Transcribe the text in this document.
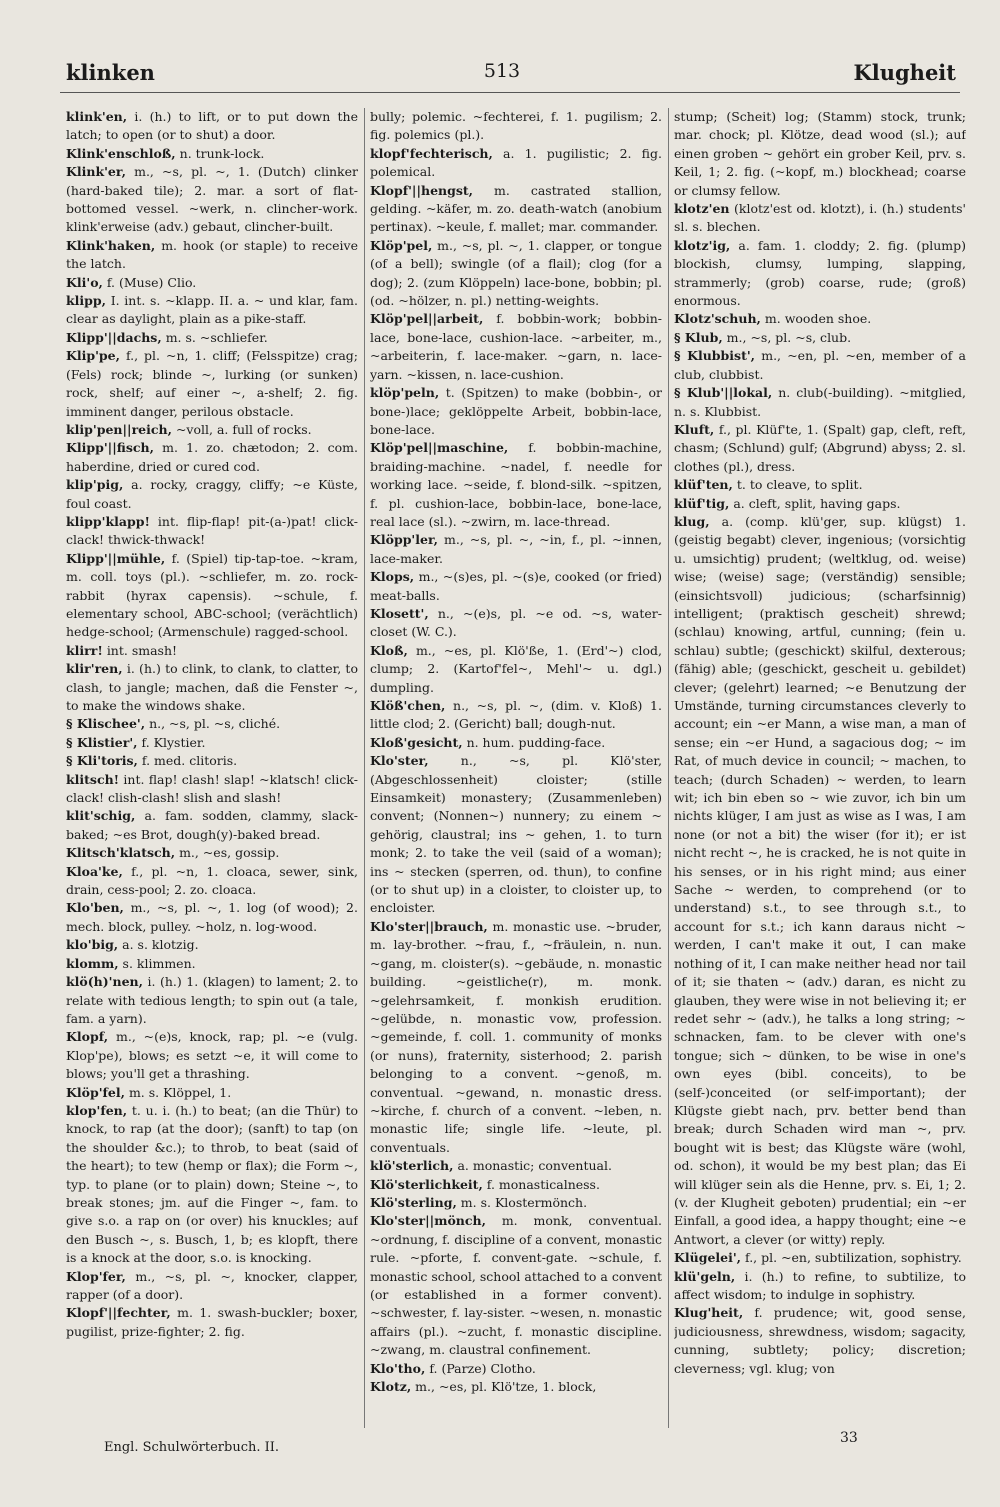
klinken	513	Klugheit

klink'en, i. (h.) to lift, or to put down the latch; to open (or to shut) a door.

Klink'enschloß, n. trunk-lock.

Klink'er, m., ~s, pl. ~, 1. (Dutch) clinker (hard-baked tile); 2. mar. a sort of flat-bottomed vessel. ~werk, n. clincher-work. klink'erweise (adv.) gebaut, clincher-built.

Klink'haken, m. hook (or staple) to receive the latch.

Kli'o, f. (Muse) Clio.

klipp, I. int. s. ~klapp. II. a. ~ und klar, fam. clear as daylight, plain as a pike-staff.

Klipp'||dachs, m. s. ~schliefer.

Klip'pe, f., pl. ~n, 1. cliff; (Felsspitze) crag; (Fels) rock; blinde ~, lurking (or sunken) rock, shelf; auf einer ~, a-shelf; 2. fig. imminent danger, perilous obstacle.

klip'pen||reich, ~voll, a. full of rocks.

Klipp'||fisch, m. 1. zo. chætodon; 2. com. haberdine, dried or cured cod.

klip'pig, a. rocky, craggy, cliffy; ~e Küste, foul coast.

klipp'klapp! int. flip-flap! pit-(a-)pat! click-clack! thwick-thwack!

Klipp'||mühle, f. (Spiel) tip-tap-toe. ~kram, m. coll. toys (pl.). ~schliefer, m. zo. rock-rabbit (hyrax capensis). ~schule, f. elementary school, ABC-school; (verächtlich) hedge-school; (Armenschule) ragged-school.

klirr! int. smash!

klir'ren, i. (h.) to clink, to clank, to clatter, to clash, to jangle; machen, daß die Fenster ~, to make the windows shake.

§ Klischee', n., ~s, pl. ~s, cliché.

§ Klistier', f. Klystier.

§ Kli'toris, f. med. clitoris.

klitsch! int. flap! clash! slap! ~klatsch! click-clack! clish-clash! slish and slash!

klit'schig, a. fam. sodden, clammy, slack-baked; ~es Brot, dough(y)-baked bread.

Klitsch'klatsch, m., ~es, gossip.

Kloa'ke, f., pl. ~n, 1. cloaca, sewer, sink, drain, cess-pool; 2. zo. cloaca.

Klo'ben, m., ~s, pl. ~, 1. log (of wood); 2. mech. block, pulley. ~holz, n. log-wood.

klo'big, a. s. klotzig.

klomm, s. klimmen.

klö(h)'nen, i. (h.) 1. (klagen) to lament; 2. to relate with tedious length; to spin out (a tale, fam. a yarn).

Klopf, m., ~(e)s, knock, rap; pl. ~e (vulg. Klop'pe), blows; es setzt ~e, it will come to blows; you'll get a thrashing.

Klöp'fel, m. s. Klöppel, 1.

klop'fen, t. u. i. (h.) to beat; (an die Thür) to knock, to rap (at the door); (sanft) to tap (on the shoulder &c.); to throb, to beat (said of the heart); to tew (hemp or flax); die Form ~, typ. to plane (or to plain) down; Steine ~, to break stones; jm. auf die Finger ~, fam. to give s.o. a rap on (or over) his knuckles; auf den Busch ~, s. Busch, 1, b; es klopft, there is a knock at the door, s.o. is knocking.

Klop'fer, m., ~s, pl. ~, knocker, clapper, rapper (of a door).

Klopf'||fechter, m. 1. swash-buckler; boxer, pugilist, prize-fighter; 2. fig.

bully; polemic. ~fechterei, f. 1. pugilism; 2. fig. polemics (pl.).

klopf'fechterisch, a. 1. pugilistic; 2. fig. polemical.

Klopf'||hengst, m. castrated stallion, gelding. ~käfer, m. zo. death-watch (anobium pertinax). ~keule, f. mallet; mar. commander.

Klöp'pel, m., ~s, pl. ~, 1. clapper, or tongue (of a bell); swingle (of a flail); clog (for a dog); 2. (zum Klöppeln) lace-bone, bobbin; pl. (od. ~hölzer, n. pl.) netting-weights.

Klöp'pel||arbeit, f. bobbin-work; bobbin-lace, bone-lace, cushion-lace. ~arbeiter, m., ~arbeiterin, f. lace-maker. ~garn, n. lace-yarn. ~kissen, n. lace-cushion.

klöp'peln, t. (Spitzen) to make (bobbin-, or bone-)lace; geklöppelte Arbeit, bobbin-lace, bone-lace.

Klöp'pel||maschine, f. bobbin-machine, braiding-machine. ~nadel, f. needle for working lace. ~seide, f. blond-silk. ~spitzen, f. pl. cushion-lace, bobbin-lace, bone-lace, real lace (sl.). ~zwirn, m. lace-thread.

Klöpp'ler, m., ~s, pl. ~, ~in, f., pl. ~innen, lace-maker.

Klops, m., ~(s)es, pl. ~(s)e, cooked (or fried) meat-balls.

Klosett', n., ~(e)s, pl. ~e od. ~s, water-closet (W. C.).

Kloß, m., ~es, pl. Klö'ße, 1. (Erd'~) clod, clump; 2. (Kartof'fel~, Mehl'~ u. dgl.) dumpling.

Klöß'chen, n., ~s, pl. ~, (dim. v. Kloß) 1. little clod; 2. (Gericht) ball; dough-nut.

Kloß'gesicht, n. hum. pudding-face.

Klo'ster,	n., ~s, pl. Klö'ster, (Abgeschlossenheit) cloister; (stille Einsamkeit) monastery; (Zusammenleben) convent; (Nonnen~) nunnery; zu einem ~ gehörig, claustral; ins ~ gehen, 1. to turn monk; 2. to take the veil (said of a woman); ins ~ stecken (sperren, od. thun), to confine (or to shut up) in a cloister, to cloister up, to encloister.

Klo'ster||brauch, m. monastic use. ~bruder, m. lay-brother. ~frau, f., ~fräulein, n. nun. ~gang, m. cloister(s). ~gebäude, n. monastic building. ~geistliche(r), m. monk. ~gelehrsamkeit, f. monkish erudition. ~gelübde, n. monastic vow, profession. ~gemeinde, f. coll. 1. community of monks (or nuns), fraternity, sisterhood; 2. parish belonging to a convent. ~genoß, m. conventual. ~gewand, n. monastic dress. ~kirche, f. church of a convent. ~leben, n. monastic life; single life. ~leute, pl. conventuals.

klö'sterlich, a. monastic; conventual.

Klö'sterlichkeit, f. monasticalness.

Klö'sterling, m. s. Klostermönch.

Klo'ster||mönch, m. monk, conventual. ~ordnung, f. discipline of a convent, monastic rule. ~pforte, f. convent-gate. ~schule, f. monastic school, school attached to a convent (or established in a former convent). ~schwester, f. lay-sister. ~wesen, n. monastic affairs (pl.). ~zucht, f. monastic discipline. ~zwang, m. claustral confinement.

Klo'tho, f. (Parze) Clotho.

Klotz, m., ~es, pl. Klö'tze, 1. block,

stump; (Scheit) log; (Stamm) stock, trunk; mar. chock; pl. Klötze, dead wood (sl.); auf einen groben ~ gehört ein grober Keil, prv. s. Keil, 1; 2. fig. (~kopf, m.) blockhead; coarse or clumsy fellow.

klotz'en (klotz'est od. klotzt), i. (h.) students' sl. s. blechen.

klotz'ig, a. fam. 1. cloddy; 2. fig. (plump) blockish, clumsy, lumping, slapping, strammerly; (grob) coarse, rude; (groß) enormous.

Klotz'schuh, m. wooden shoe.

§ Klub, m., ~s, pl. ~s, club.

§ Klubbist', m., ~en, pl. ~en, member of a club, clubbist.

§ Klub'||lokal, n. club(-building). ~mitglied, n. s. Klubbist.

Kluft, f., pl. Klüf'te, 1. (Spalt) gap, cleft, reft, chasm; (Schlund) gulf; (Abgrund) abyss; 2. sl. clothes (pl.), dress.

klüf'ten, t. to cleave, to split.

klüf'tig, a. cleft, split, having gaps.

klug, a. (comp. klü'ger, sup. klügst) 1. (geistig begabt) clever, ingenious; (vorsichtig u. umsichtig) prudent; (weltklug, od. weise) wise; (weise) sage; (verständig) sensible; (einsichtsvoll) judicious; (scharfsinnig) intelligent; (praktisch gescheit) shrewd; (schlau) knowing, artful, cunning; (fein u. schlau) subtle; (geschickt) skilful, dexterous; (fähig) able; (geschickt, gescheit u. gebildet) clever; (gelehrt) learned; ~e Benutzung der Umstände, turning circumstances cleverly to account; ein ~er Mann, a wise man, a man of sense; ein ~er Hund, a sagacious dog; ~ im Rat, of much device in council; ~ machen, to teach; (durch Schaden) ~ werden, to learn wit; ich bin eben so ~ wie zuvor, ich bin um nichts klüger, I am just as wise as I was, I am none (or not a bit) the wiser (for it); er ist nicht recht ~, he is cracked, he is not quite in his senses, or in his right mind; aus einer Sache ~ werden, to comprehend (or to understand) s.t., to see through s.t., to account for s.t.; ich kann daraus nicht ~ werden, I can't make it out, I can make nothing of it, I can make neither head nor tail of it; sie thaten ~ (adv.) daran, es nicht zu glauben, they were wise in not believing it; er redet sehr ~ (adv.), he talks a long string; ~ schnacken, fam. to be clever with one's tongue; sich ~ dünken, to be wise in one's own eyes (bibl. conceits), to be (self-)conceited (or self-important); der Klügste giebt nach, prv. better bend than break; durch Schaden wird man ~, prv. bought wit is best; das Klügste wäre (wohl, od. schon), it would be my best plan; das Ei will klüger sein als die Henne, prv. s. Ei, 1; 2. (v. der Klugheit geboten) prudential; ein ~er Einfall, a good idea, a happy thought; eine ~e Antwort, a clever (or witty) reply.

Klügelei', f., pl. ~en, subtilization, sophistry.

klü'geln, i. (h.) to refine, to subtilize, to affect wisdom; to indulge in sophistry.

Klug'heit, f. prudence; wit, good sense, judiciousness, shrewdness, wisdom; sagacity, cunning, subtlety; policy; discretion; cleverness; vgl. klug; von

Engl. Schulwörterbuch. II.
33
